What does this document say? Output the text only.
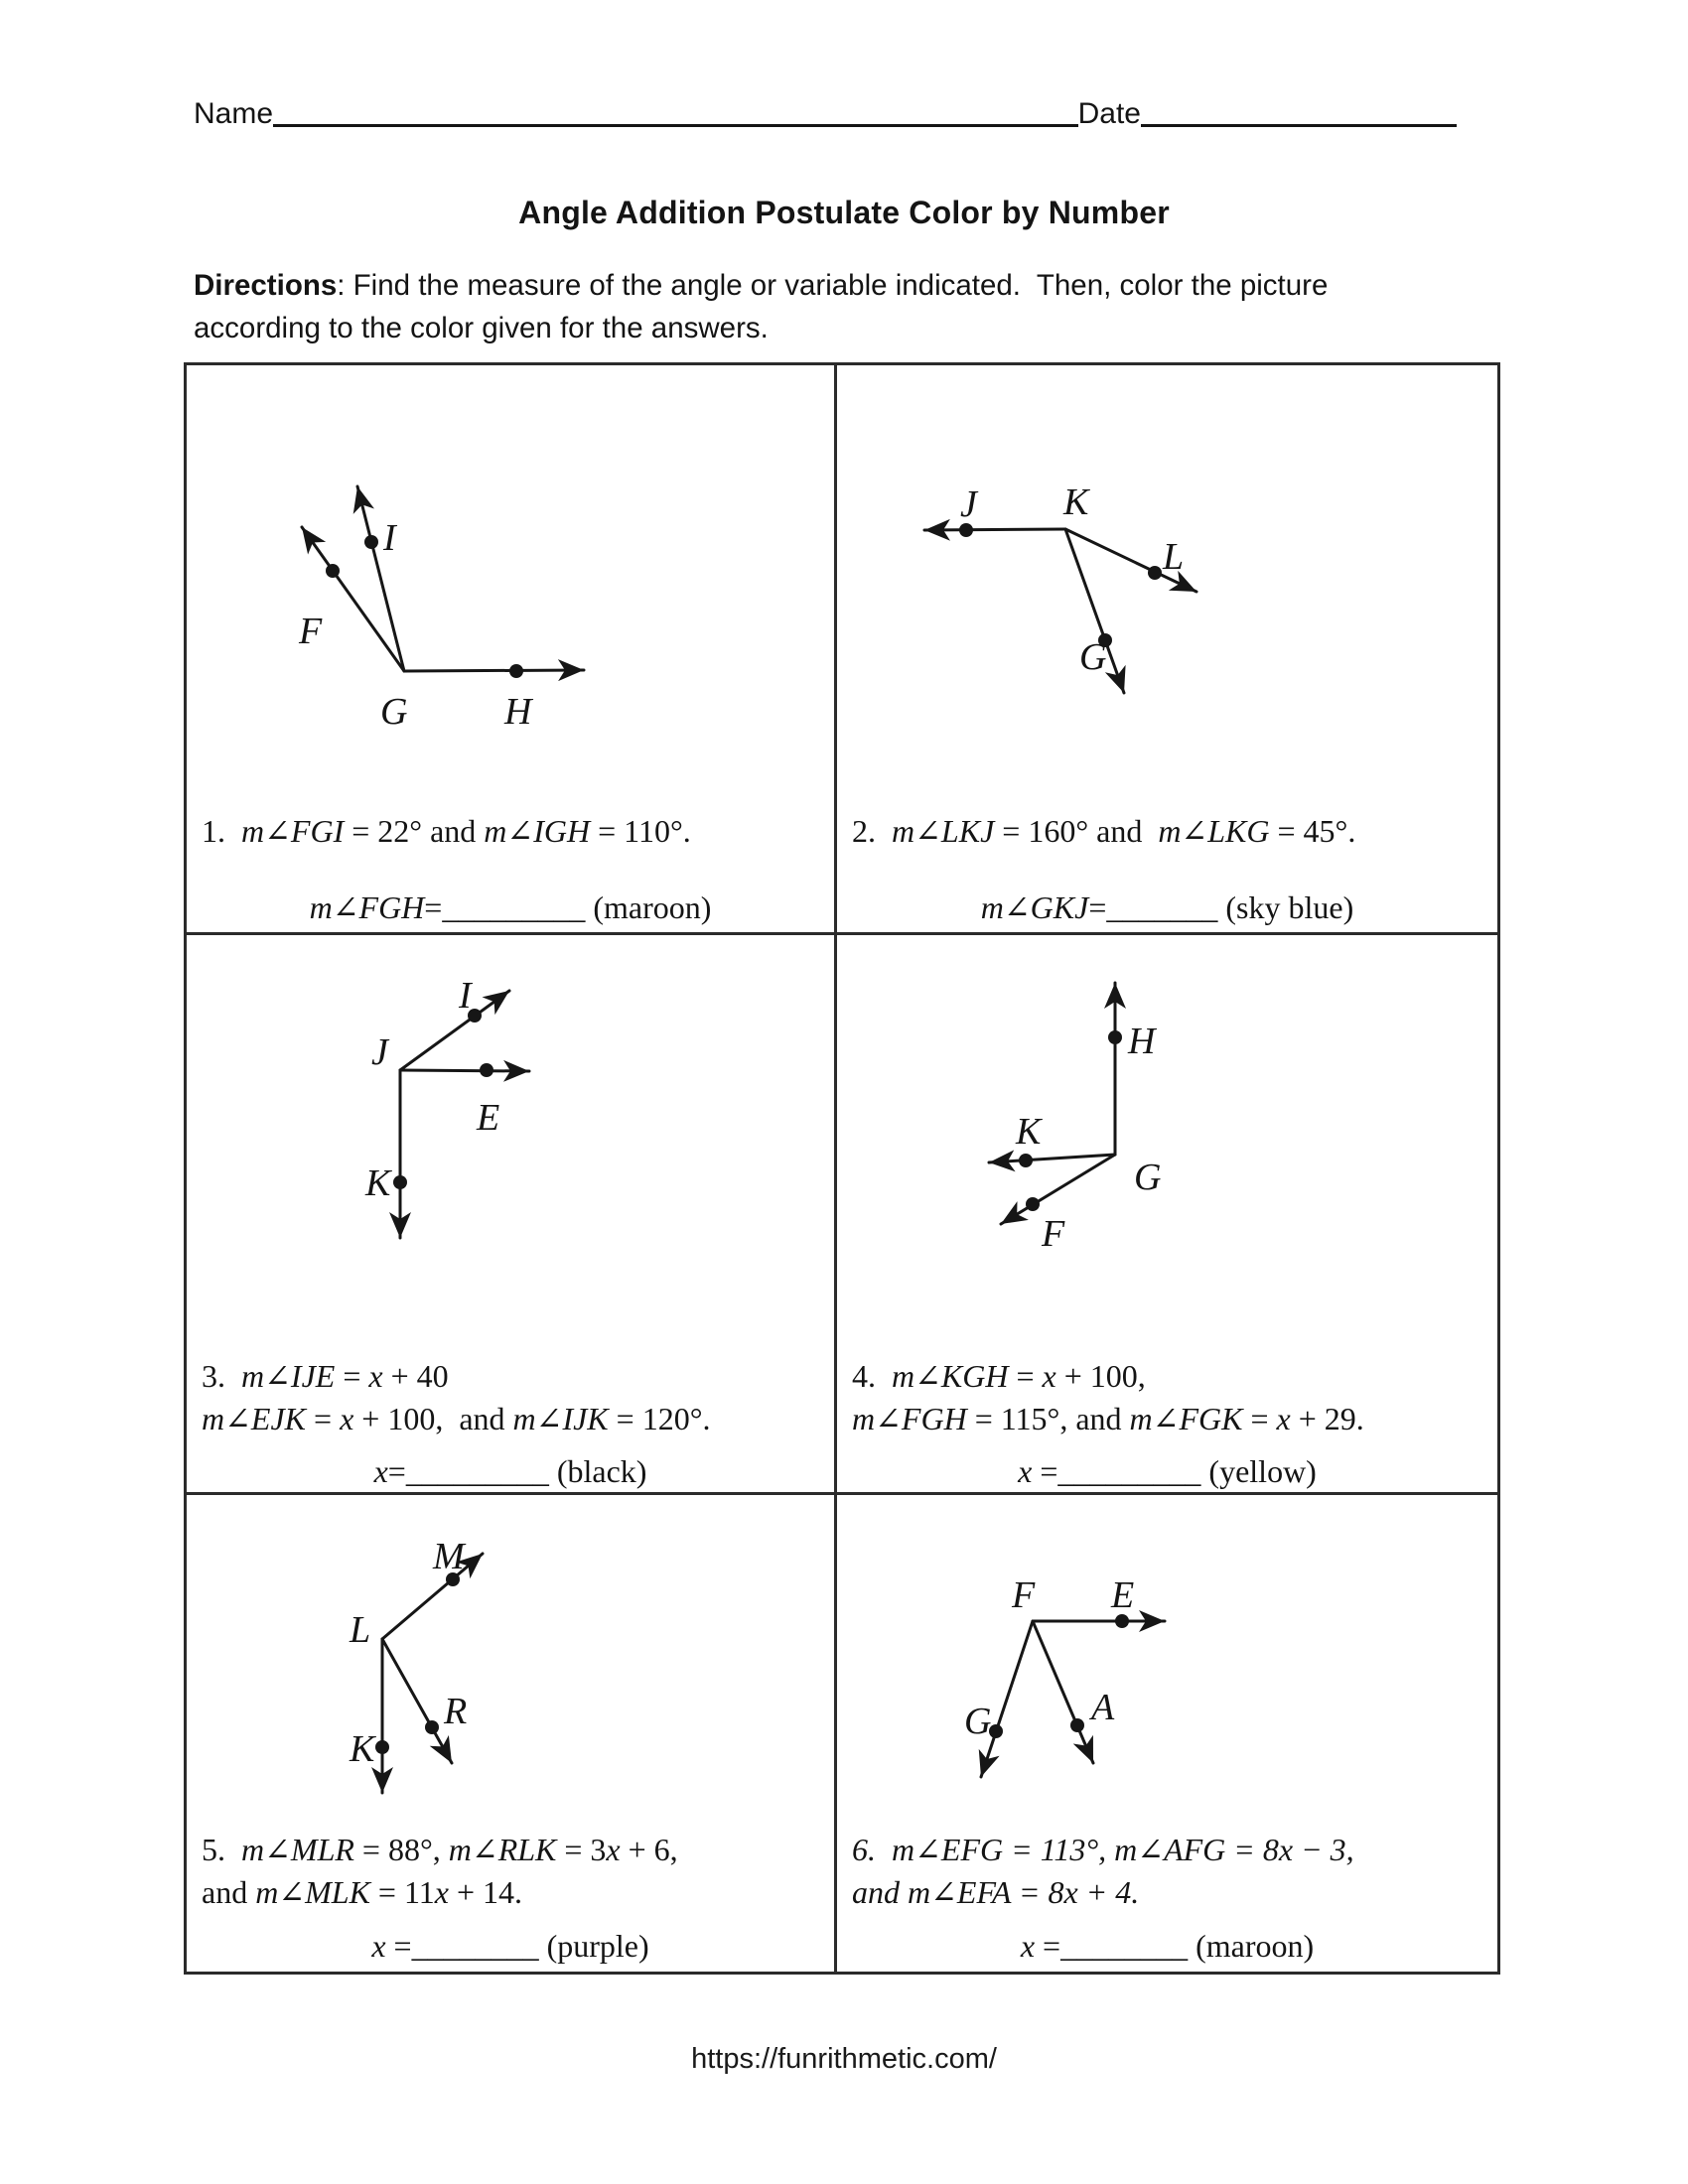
Name	Date
Angle Addition Postulate Color by Number
Directions: Find the measure of the angle or variable indicated.  Then, color the picture
according to the color given for the answers.
F
I
G	H
1.  m∠FGI = 22° and m∠IGH = 110°.
m∠FGH=_________ (maroon)
J K
L
G
2.  m∠LKJ = 160° and  m∠LKG = 45°.
m∠GKJ=_______ (sky blue)
I
J
E
K
3.  m∠IJE = x + 40
m∠EJK = x + 100,  and m∠IJK = 120°.
x=_________ (black)
H
K
G
F
4.  m∠KGH = x + 100,
m∠FGH = 115°, and m∠FGK = x + 29.
x =_________ (yellow)
M
L
K
R
5.  m∠MLR = 88°, m∠RLK = 3x + 6,
and m∠MLK = 11x + 14.
x =________ (purple)
F E
G	A
6.  m∠EFG = 113°, m∠AFG = 8x − 3,
and m∠EFA = 8x + 4.
x =________ (maroon)
https://funrithmetic.com/
